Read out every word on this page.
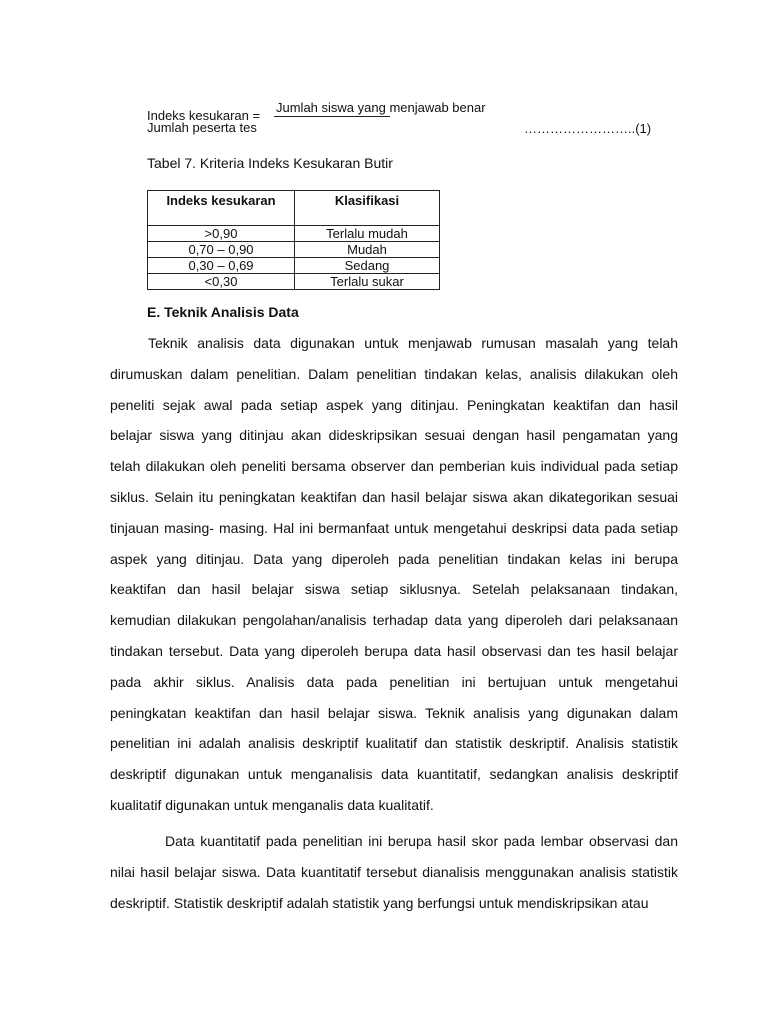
Jumlah siswa yang menjawab benar
Indeks kesukaran =
Jumlah peserta tes	……………………..(1)
Tabel 7. Kriteria Indeks Kesukaran Butir
Indeks kesukaran	Klasifikasi
>0,90	Terlalu mudah
0,70 – 0,90	Mudah
0,30 – 0,69	Sedang
<0,30	Terlalu sukar
E. Teknik Analisis Data
Teknik analisis data digunakan untuk menjawab rumusan masalah yang telah
dirumuskan dalam penelitian. Dalam penelitian tindakan kelas, analisis dilakukan oleh
peneliti sejak awal pada setiap aspek yang ditinjau. Peningkatan keaktifan dan hasil
belajar siswa yang ditinjau akan dideskripsikan sesuai dengan hasil pengamatan yang
telah dilakukan oleh peneliti bersama observer dan pemberian kuis individual pada setiap
siklus. Selain itu peningkatan keaktifan dan hasil belajar siswa akan dikategorikan sesuai
tinjauan masing- masing. Hal ini bermanfaat untuk mengetahui deskripsi data pada setiap
aspek yang ditinjau. Data yang diperoleh pada penelitian tindakan kelas ini berupa
keaktifan dan hasil belajar siswa setiap siklusnya. Setelah pelaksanaan tindakan,
kemudian dilakukan pengolahan/analisis terhadap data yang diperoleh dari pelaksanaan
tindakan tersebut. Data yang diperoleh berupa data hasil observasi dan tes hasil belajar
pada akhir siklus. Analisis data pada penelitian ini bertujuan untuk mengetahui
peningkatan keaktifan dan hasil belajar siswa. Teknik analisis yang digunakan dalam
penelitian ini adalah analisis deskriptif kualitatif dan statistik deskriptif. Analisis statistik
deskriptif digunakan untuk menganalisis data kuantitatif, sedangkan analisis deskriptif
kualitatif digunakan untuk menganalis data kualitatif.
Data kuantitatif pada penelitian ini berupa hasil skor pada lembar observasi dan
nilai hasil belajar siswa. Data kuantitatif tersebut dianalisis menggunakan analisis statistik
deskriptif. Statistik deskriptif adalah statistik yang berfungsi untuk mendiskripsikan atau
